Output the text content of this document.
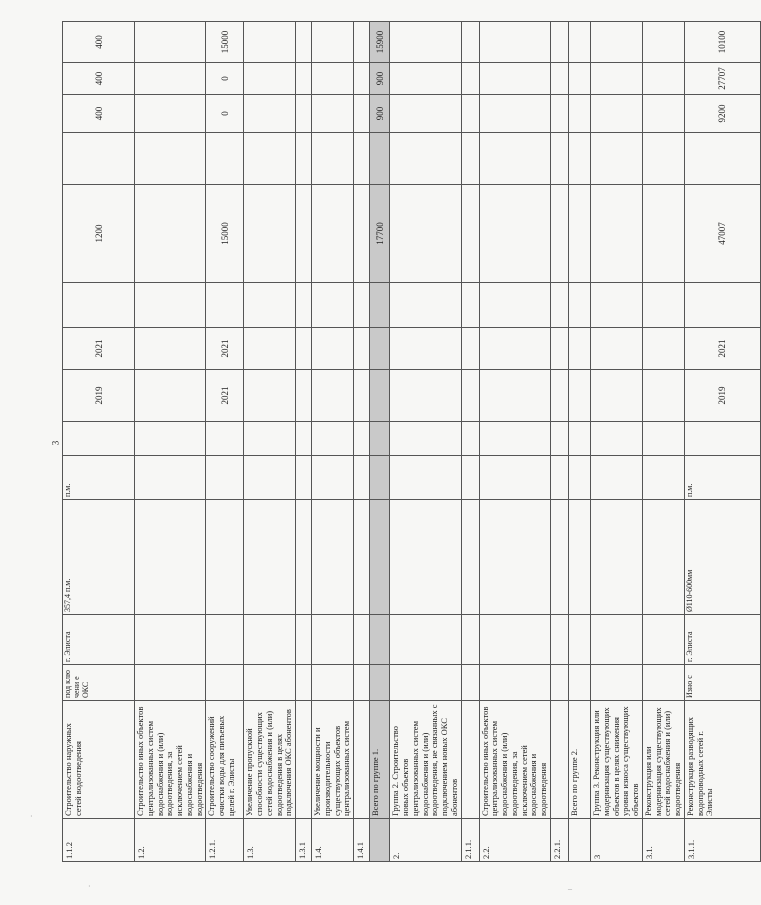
1.1.2	Строительство наружных сетей водоотведения	под клю чени е ОКС	г. Элиста	357,4 п.м.	п.м.		2019	2021		1200		400	400	400
1.2.	Строительство иных объектов централизованных систем водоснабжения и (или) водоотведения, за исключением сетей водоснабжения и водоотведения													
1.2.1.	Строительство сооружений очистки воды для питьевых целей г. Элисты						2021	2021		15000		0	0	15000
1.3.	Увеличение пропускной способности существующих сетей водоснабжения и (или) водоотведения в целях подключения ОКС абонентов													
1.3.1														
1.4.	Увеличение мощности и производительности существующих объектов централизованных систем													
1.4.1														
	Всего по группе 1.									17700		900	900	15900
2.	Группа 2. Строительство новых объектов централизованных систем водоснабжения и (или) водоотведения, не связанных с подключением новых ОКС абонентов													
2.1.1.														
2.2.	Строительство иных объектов централизованных систем водоснабжения и (или) водоотведения, за исключением сетей водоснабжения и водоотведения													
2.2.1.														
	Всего по группе 2.													
3	Группа 3. Реконструкция или модернизация существующих объектов в целях снижения уровня износа существующих объектов													
3.1.	Реконструкция или модернизация существующих сетей водоснабжения и (или) водоотведения													
3.1.1.	Реконструкция разводящих водопроводных сетей г. Элисты	Изно с	г. Элиста	Ø110-600мм	п.м.		2019	2021		47007		9200	27707	10100
3
·
·	–
